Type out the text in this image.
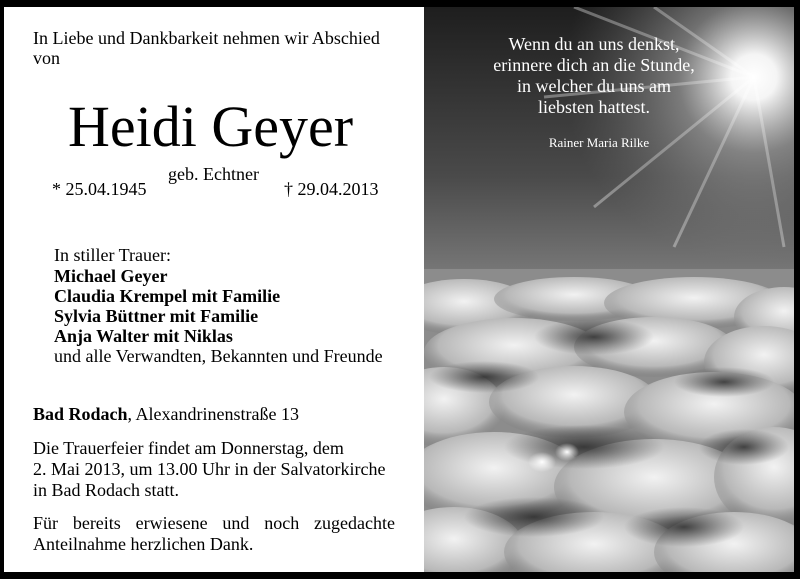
In Liebe und Dankbarkeit nehmen wir Abschied
von
Heidi Geyer
geb. Echtner
* 25.04.1945	† 29.04.2013
In stiller Trauer:
Michael Geyer
Claudia Krempel mit Familie
Sylvia Büttner mit Familie
Anja Walter mit Niklas
und alle Verwandten, Bekannten und Freunde
Bad Rodach, Alexandrinenstraße 13
Die Trauerfeier findet am Donnerstag, dem
2. Mai 2013, um 13.00 Uhr in der Salvatorkirche
in Bad Rodach statt.
Für bereits erwiesene und noch zugedachte Anteilnahme herzlichen Dank.
Wenn du an uns denkst,
erinnere dich an die Stunde,
in welcher du uns am
liebsten hattest.
Rainer Maria Rilke
